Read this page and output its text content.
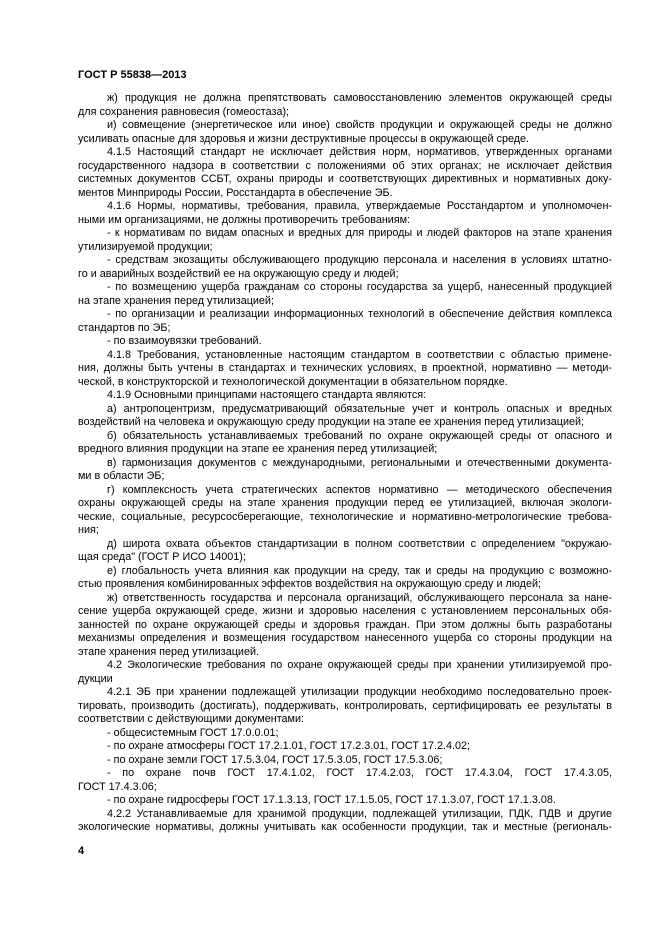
ГОСТ Р 55838—2013
ж) продукция не должна препятствовать самовосстановлению элементов окружающей среды
для сохранения равновесия (гомеостаза);
и) совмещение (энергетическое или иное) свойств продукции и окружающей среды не должно
усиливать опасные для здоровья и жизни деструктивные процессы в окружающей среде.
4.1.5 Настоящий стандарт не исключает действия норм, нормативов, утвержденных органами
государственного надзора в соответствии с положениями об этих органах; не исключает действия
системных документов ССБТ, охраны природы и соответствующих директивных и нормативных доку-
ментов Минприроды России, Росстандарта в обеспечение ЭБ.
4.1.6 Нормы, нормативы, требования, правила, утверждаемые Росстандартом и уполномочен-
ными им организациями, не должны противоречить требованиям:
- к нормативам по видам опасных и вредных для природы и людей факторов на этапе хранения
утилизируемой продукции;
- средствам экозащиты обслуживающего продукцию персонала и населения в условиях штатно-
го и аварийных воздействий ее на окружающую среду и людей;
- по возмещению ущерба гражданам со стороны государства за ущерб, нанесенный продукцией
на этапе хранения перед утилизацией;
- по организации и реализации информационных технологий в обеспечение действия комплекса
стандартов по ЭБ;
- по взаимоувязки требований.
4.1.8 Требования, установленные настоящим стандартом в соответствии с областью примене-
ния, должны быть учтены в стандартах и технических условиях, в проектной, нормативно — методи-
ческой, в конструкторской и технологической документации в обязательном порядке.
4.1.9 Основными принципами настоящего стандарта являются:
а) антропоцентризм, предусматривающий обязательные учет и контроль опасных и вредных
воздействий на человека и окружающую среду продукции на этапе ее хранения перед утилизацией;
б) обязательность устанавливаемых требований по охране окружающей среды от опасного и
вредного влияния продукции на этапе ее хранения перед утилизацией;
в) гармонизация документов с международными, региональными и отечественными документа-
ми в области ЭБ;
г) комплексность учета стратегических аспектов нормативно — методического обеспечения
охраны окружающей среды на этапе хранения продукции перед ее утилизацией, включая экологи-
ческие, социальные, ресурсосберегающие, технологические и нормативно-метрологические требова-
ния;
д) широта охвата объектов стандартизации в полном соответствии с определением "окружаю-
щая среда" (ГОСТ Р ИСО 14001);
е) глобальность учета влияния как продукции на среду, так и среды на продукцию с возможно-
стью проявления комбинированных эффектов воздействия на окружающую среду и людей;
ж) ответственность государства и персонала организаций, обслуживающего персонала за нане-
сение ущерба окружающей среде, жизни и здоровью населения с установлением персональных обя-
занностей по охране окружающей среды и здоровья граждан. При этом должны быть разработаны
механизмы определения и возмещения государством нанесенного ущерба со стороны продукции на
этапе хранения перед утилизацией.
4.2 Экологические требования по охране окружающей среды при хранении утилизируемой про-
дукции
4.2.1 ЭБ при хранении подлежащей утилизации продукции необходимо последовательно проек-
тировать, производить (достигать), поддерживать, контролировать, сертифицировать ее результаты в
соответствии с действующими документами:
- общесистемным ГОСТ 17.0.0.01;
- по охране атмосферы ГОСТ 17.2.1.01, ГОСТ 17.2.3.01, ГОСТ 17.2.4.02;
- по охране земли ГОСТ 17.5.3.04, ГОСТ 17.5.3.05, ГОСТ 17.5.3.06;
- по охране почв ГОСТ 17.4.1.02, ГОСТ 17.4.2.03, ГОСТ 17.4.3.04, ГОСТ 17.4.3.05,
ГОСТ 17.4.3.06;
- по охране гидросферы ГОСТ 17.1.3.13, ГОСТ 17.1.5.05, ГОСТ 17.1.3.07, ГОСТ 17.1.3.08.
4.2.2 Устанавливаемые для хранимой продукции, подлежащей утилизации, ПДК, ПДВ и другие
экологические нормативы, должны учитывать как особенности продукции, так и местные (региональ-
4
